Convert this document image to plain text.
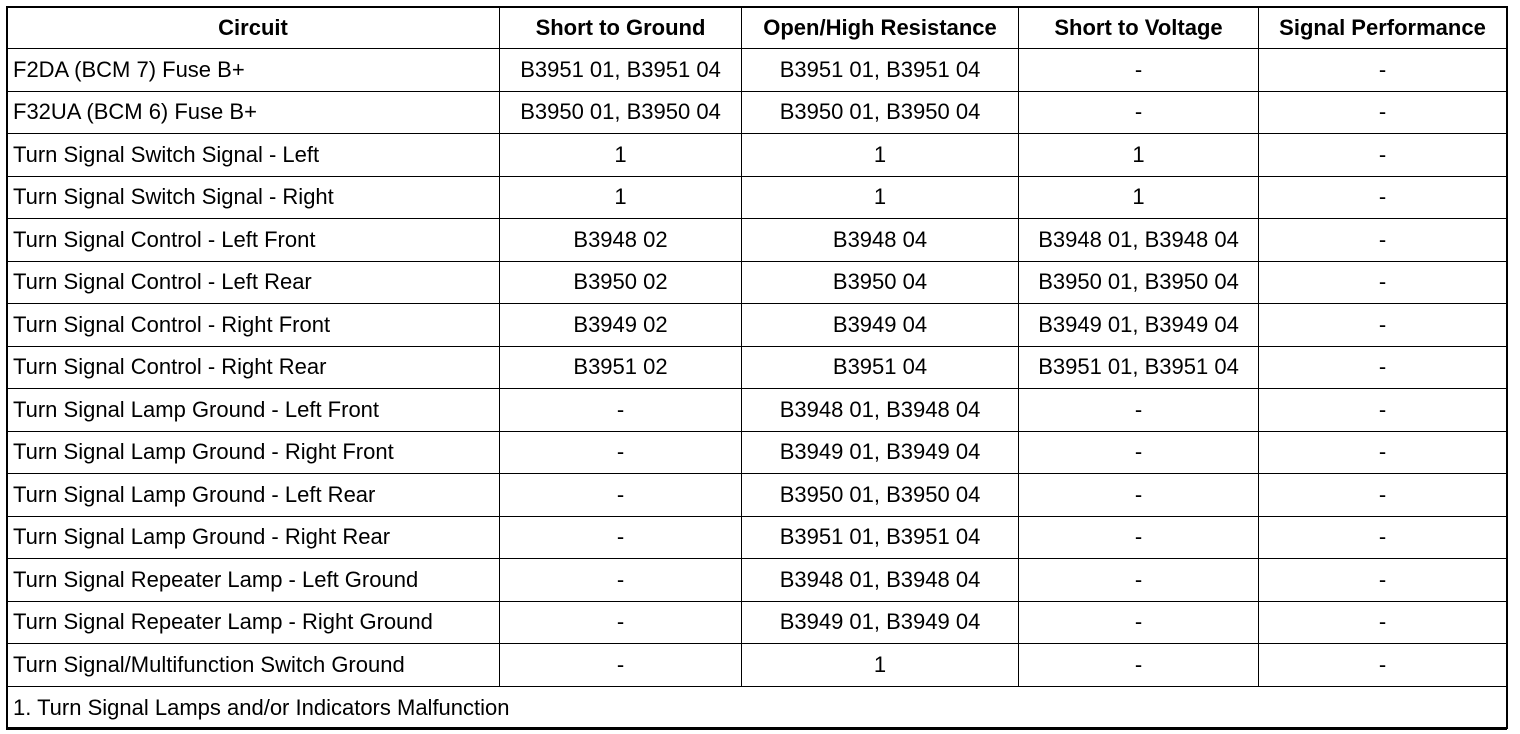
Circuit	Short to Ground	Open/High Resistance	Short to Voltage	Signal Performance
F2DA (BCM 7) Fuse B+	B3951 01, B3951 04	B3951 01, B3951 04	-	-
F32UA (BCM 6) Fuse B+	B3950 01, B3950 04	B3950 01, B3950 04	-	-
Turn Signal Switch Signal - Left	1	1	1	-
Turn Signal Switch Signal - Right	1	1	1	-
Turn Signal Control - Left Front	B3948 02	B3948 04	B3948 01, B3948 04	-
Turn Signal Control - Left Rear	B3950 02	B3950 04	B3950 01, B3950 04	-
Turn Signal Control - Right Front	B3949 02	B3949 04	B3949 01, B3949 04	-
Turn Signal Control - Right Rear	B3951 02	B3951 04	B3951 01, B3951 04	-
Turn Signal Lamp Ground - Left Front	-	B3948 01, B3948 04	-	-
Turn Signal Lamp Ground - Right Front	-	B3949 01, B3949 04	-	-
Turn Signal Lamp Ground - Left Rear	-	B3950 01, B3950 04	-	-
Turn Signal Lamp Ground - Right Rear	-	B3951 01, B3951 04	-	-
Turn Signal Repeater Lamp - Left Ground	-	B3948 01, B3948 04	-	-
Turn Signal Repeater Lamp - Right Ground	-	B3949 01, B3949 04	-	-
Turn Signal/Multifunction Switch Ground	-	1	-	-
1. Turn Signal Lamps and/or Indicators Malfunction				
